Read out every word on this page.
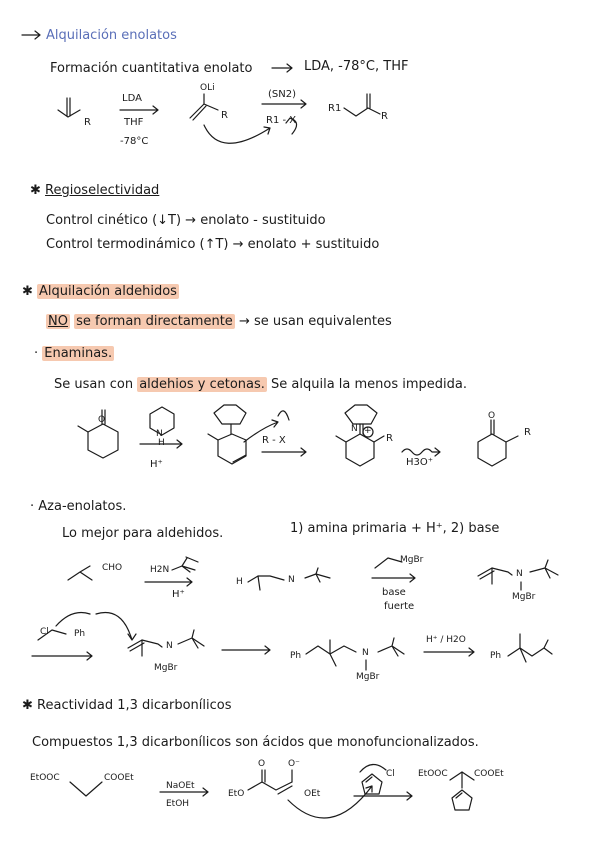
Alquilación enolatos
Formación cuantitativa enolato	LDA, -78°C, THF
R
LDA
THF
-78°C
OLi
R
(SN2)
R1 - X
R1
R
✱ Regioselectividad
Control cinético (↓T) → enolato - sustituido
Control termodinámico (↑T) → enolato + sustituido
✱ Alquilación aldehidos
NO se forman directamente → se usan equivalentes
· Enaminas.
Se usan con aldehios y cetonas. Se alquila la menos impedida.
O
N
H
H⁺
R - X
N +
R
H3O⁺
O
R
· Aza-enolatos.
Lo mejor para aldehidos.	1) amina primaria + H⁺, 2) base
CHO	H2N
H⁺
H	N
MgBr
base
fuerte
N
MgBr
Cl	Ph
N
MgBr
Ph	N
MgBr
H⁺ / H2O
Ph
✱ Reactividad 1,3 dicarbonílicos
Compuestos 1,3 dicarbonílicos son ácidos que monofuncionalizados.
EtOOC	COOEt
NaOEt
EtOH
O	O⁻
EtO	OEt
Cl	EtOOC	COOEt
